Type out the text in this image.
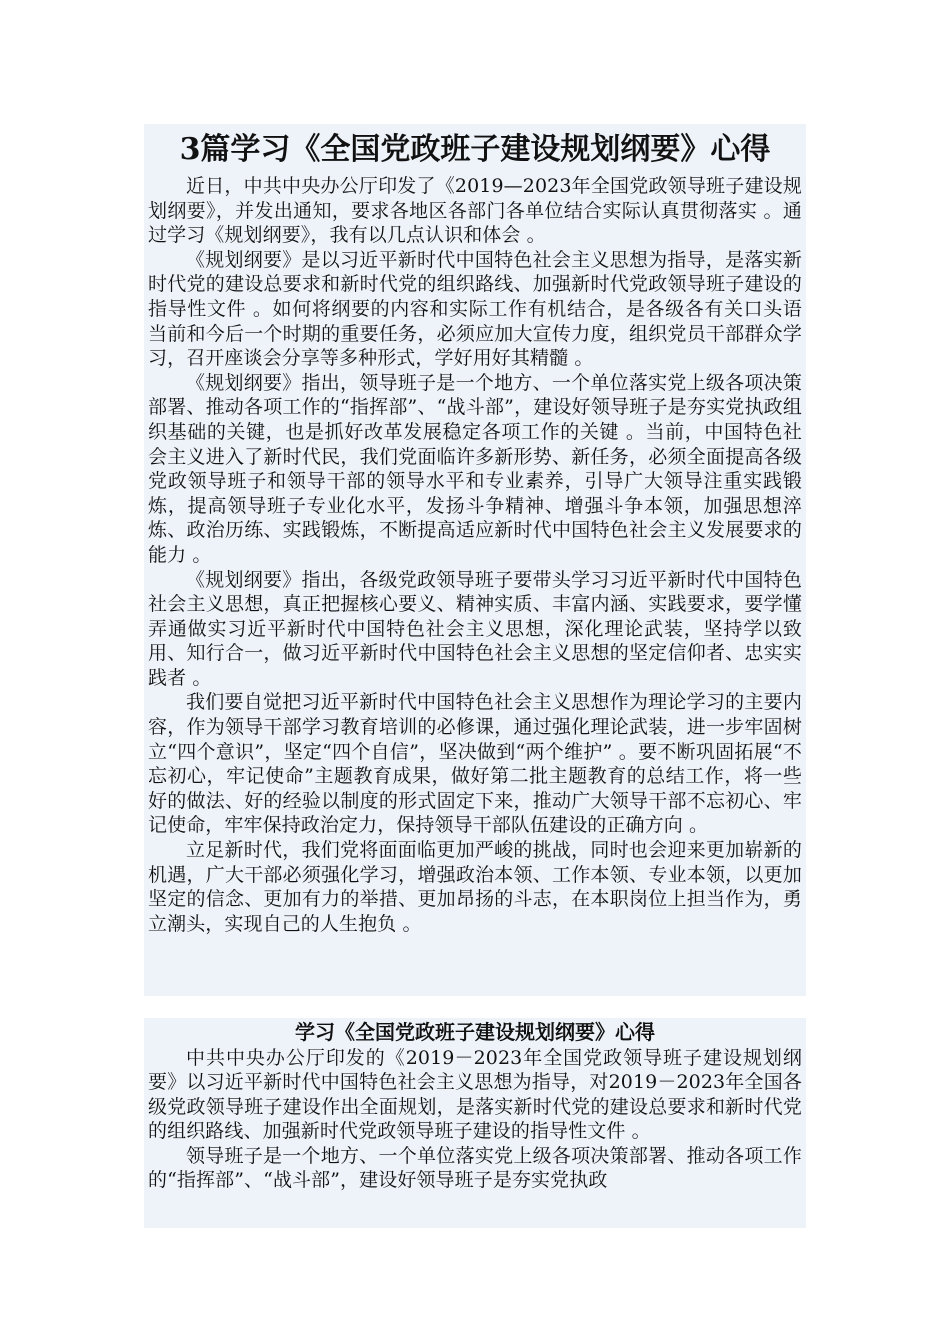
3篇学习《全国党政班子建设规划纲要》心得

近日，中共中央办公厅印发了《2019—2023年全国党政领导班子建设规划纲要》，并发出通知，要求各地区各部门各单位结合实际认真贯彻落实 。通过学习《规划纲要》，我有以几点认识和体会 。

《规划纲要》是以习近平新时代中国特色社会主义思想为指导，是落实新时代党的建设总要求和新时代党的组织路线、加强新时代党政领导班子建设的指导性文件 。如何将纲要的内容和实际工作有机结合，是各级各有关口头语当前和今后一个时期的重要任务，必须应加大宣传力度，组织党员干部群众学习，召开座谈会分享等多种形式，学好用好其精髓 。

《规划纲要》指出，领导班子是一个地方、一个单位落实党上级各项决策部署、推动各项工作的“指挥部”、“战斗部”，建设好领导班子是夯实党执政组织基础的关键，也是抓好改革发展稳定各项工作的关键 。当前，中国特色社会主义进入了新时代民，我们党面临许多新形势、新任务，必须全面提高各级党政领导班子和领导干部的领导水平和专业素养，引导广大领导注重实践锻炼，提高领导班子专业化水平，发扬斗争精神、增强斗争本领，加强思想淬炼、政治历练、实践锻炼，不断提高适应新时代中国特色社会主义发展要求的能力 。

《规划纲要》指出，各级党政领导班子要带头学习习近平新时代中国特色社会主义思想，真正把握核心要义、精神实质、丰富内涵、实践要求，要学懂弄通做实习近平新时代中国特色社会主义思想，深化理论武装，坚持学以致用、知行合一，做习近平新时代中国特色社会主义思想的坚定信仰者、忠实实践者 。

我们要自觉把习近平新时代中国特色社会主义思想作为理论学习的主要内容，作为领导干部学习教育培训的必修课，通过强化理论武装，进一步牢固树立“四个意识”，坚定“四个自信”，坚决做到“两个维护” 。要不断巩固拓展“不忘初心，牢记使命”主题教育成果，做好第二批主题教育的总结工作，将一些好的做法、好的经验以制度的形式固定下来，推动广大领导干部不忘初心、牢记使命，牢牢保持政治定力，保持领导干部队伍建设的正确方向 。

立足新时代，我们党将面面临更加严峻的挑战，同时也会迎来更加崭新的机遇，广大干部必须强化学习，增强政治本领、工作本领、专业本领，以更加坚定的信念、更加有力的举措、更加昂扬的斗志，在本职岗位上担当作为，勇立潮头，实现自己的人生抱负 。

学习《全国党政班子建设规划纲要》心得

中共中央办公厅印发的《2019－2023年全国党政领导班子建设规划纲要》以习近平新时代中国特色社会主义思想为指导，对2019－2023年全国各级党政领导班子建设作出全面规划，是落实新时代党的建设总要求和新时代党的组织路线、加强新时代党政领导班子建设的指导性文件 。

领导班子是一个地方、一个单位落实党上级各项决策部署、推动各项工作的“指挥部”、“战斗部”，建设好领导班子是夯实党执政
